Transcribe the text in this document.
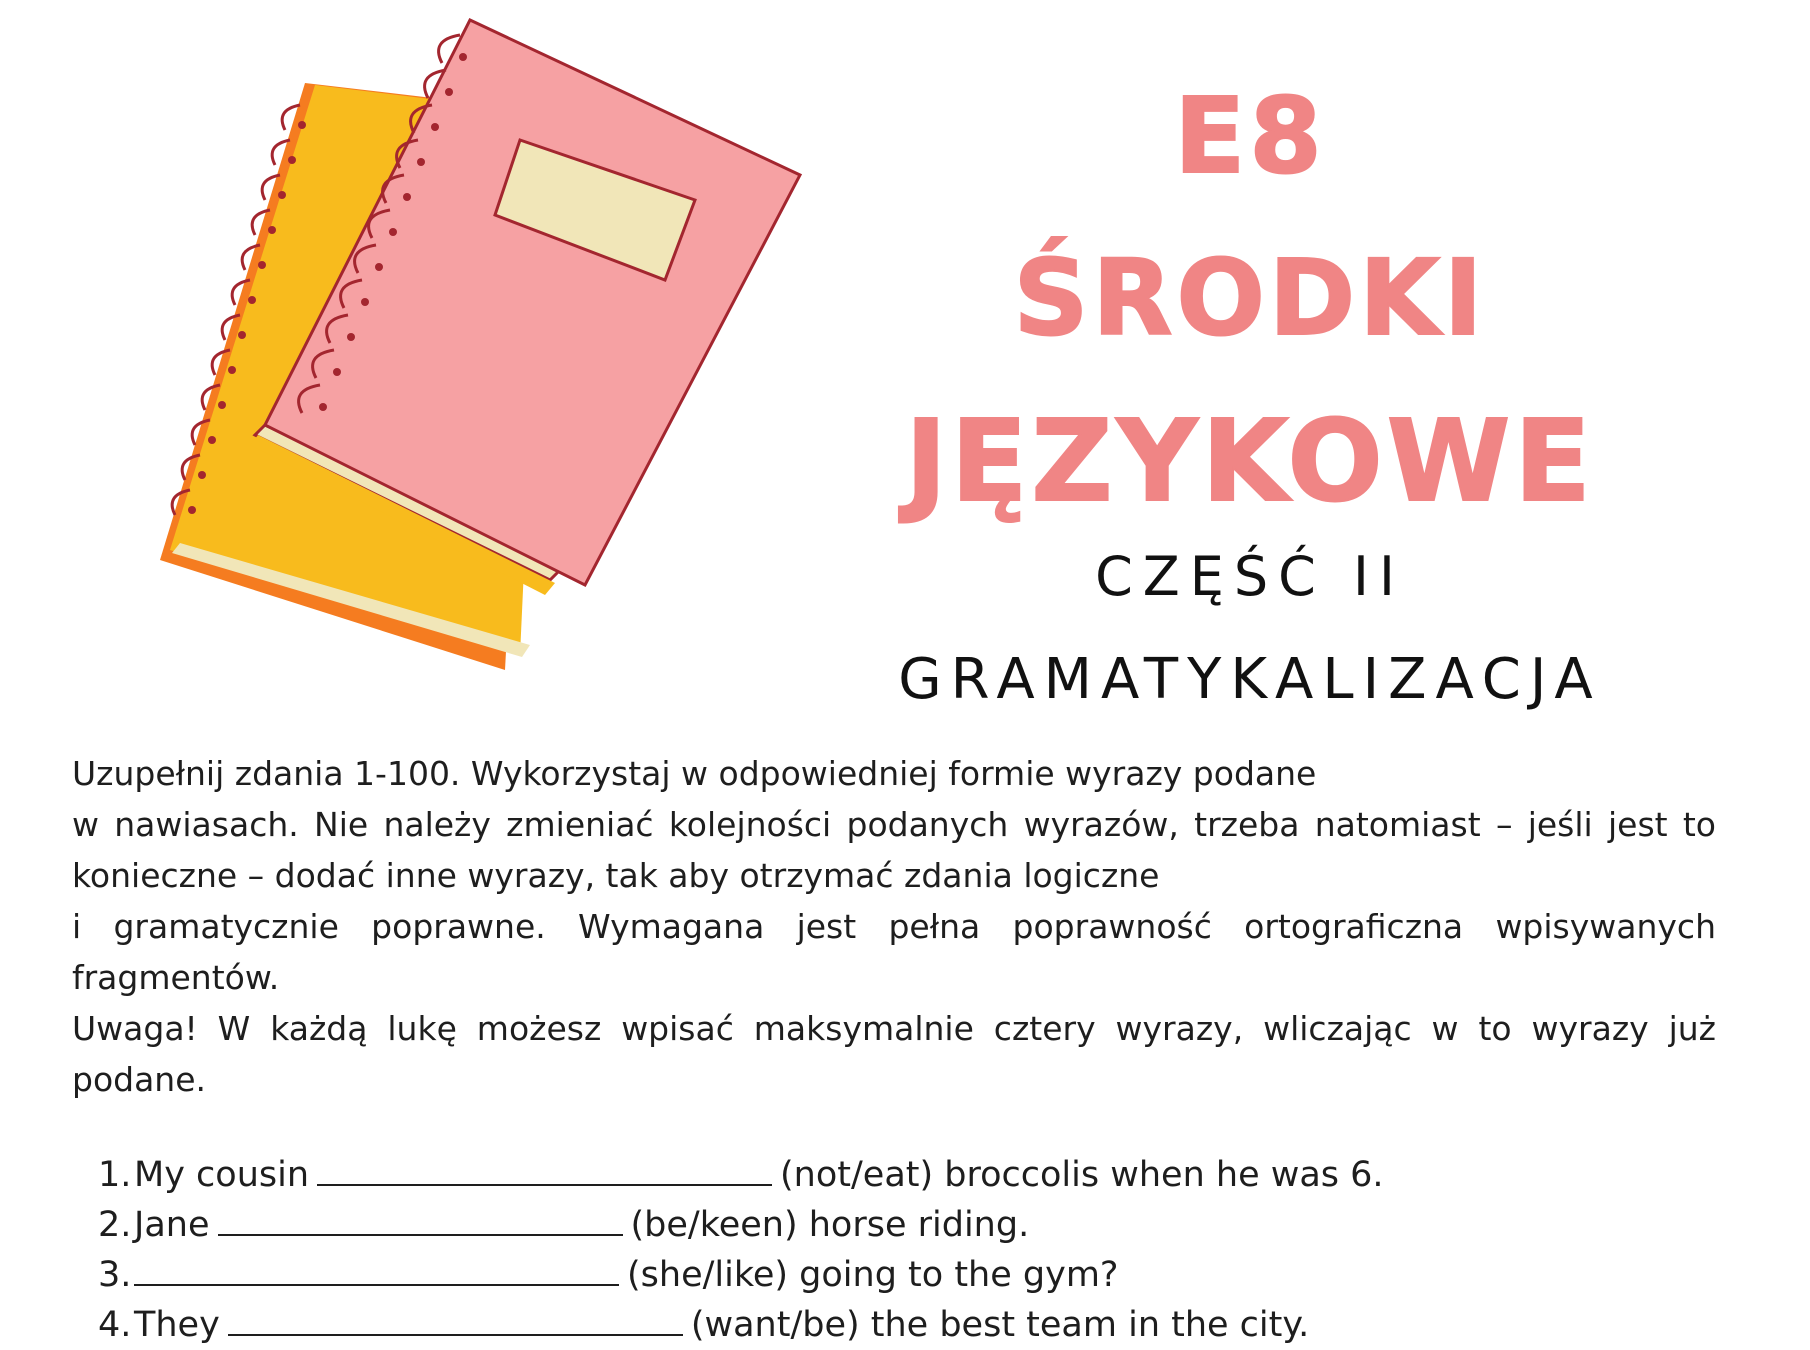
E8
ŚRODKI
JĘZYKOWE
CZĘŚĆ II
GRAMATYKALIZACJA

Uzupełnij zdania 1-100. Wykorzystaj w odpowiedniej formie wyrazy podane

w nawiasach. Nie należy zmieniać kolejności podanych wyrazów, trzeba natomiast – jeśli jest to

konieczne – dodać inne wyrazy, tak aby otrzymać zdania logiczne

i gramatycznie poprawne. Wymagana jest pełna poprawność ortograficzna wpisywanych

fragmentów.

Uwaga! W każdą lukę możesz wpisać maksymalnie cztery wyrazy, wliczając w to wyrazy już

podane.

1. My cousin	(not/eat) broccolis when he was 6.
2. Jane	(be/keen) horse riding.
3.	(she/like) going to the gym?
4. They	(want/be) the best team in the city.
